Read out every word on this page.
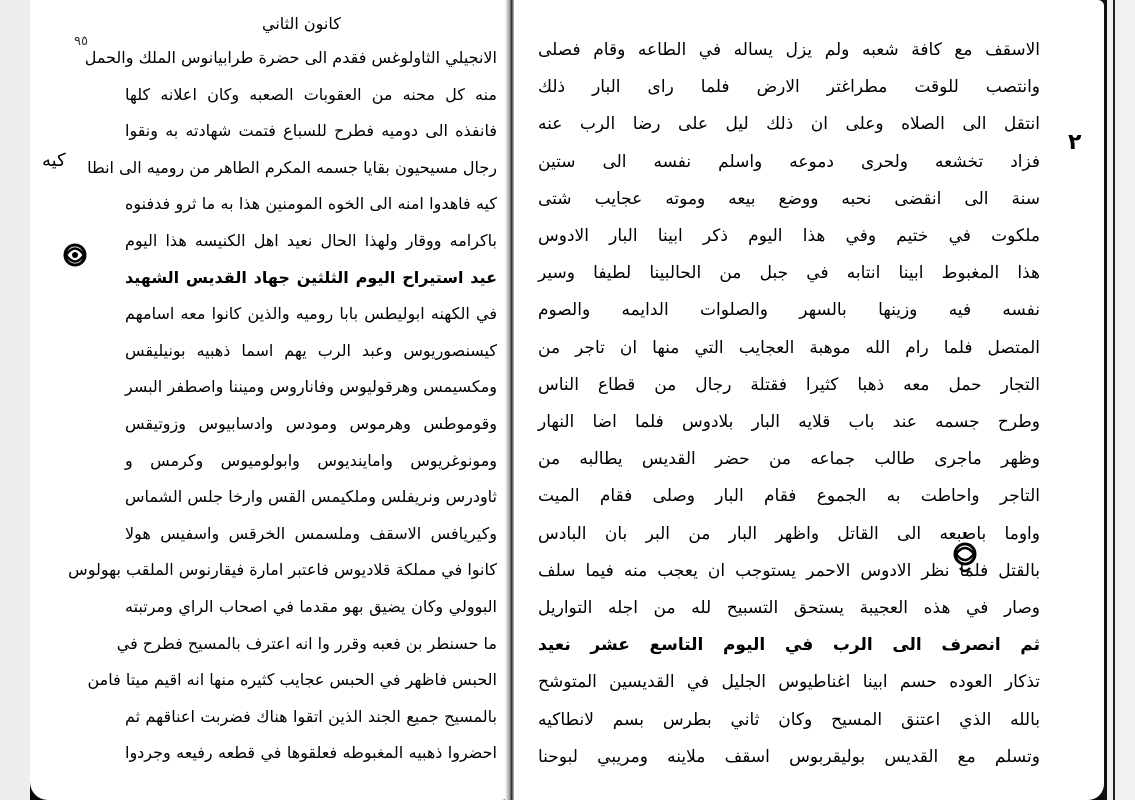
كانون الثاني
٩٥
كيه
٢
الانجيلي الثاولوغس فقدم الى حضرة طرابيانوس الملك والحمل
منه كل محنه من العقوبات الصعبه وكان اعلانه كلها
فانفذه الى دوميه فطرح للسباع فتمت شهادته به ونقوا
رجال مسيحيون بقايا جسمه المكرم الطاهر من روميه الى انطا
كيه فاهدوا امنه الى الخوه المومنين هذا به ما ثرو فدفنوه
باكرامه ووقار ولهذا الحال نعيد اهل الكنيسه هذا اليوم
عيد استيراح اليوم الثلثين جهاد القديس الشهيد
في الكهنه ابوليطس بابا روميه والذين كانوا معه اسامهم
كيسنصوريوس وعبد الرب يهم اسما ذهبيه بونيليقس
ومكسيمس وهرقوليوس وفاناروس وميننا واصطفر البسر
وقوموطس وهرموس ومودس وادسابيوس وزوتيقس
ومونوغريوس واماينديوس وابولوميوس وكرمس و
ثاودرس ونريفلس وملكيمس القس وارخا جلس الشماس
وكيريافس الاسقف وملسمس الخرقس واسفيس هولا
كانوا في مملكة قلاديوس فاعتبر امارة فيقارنوس الملقب بهولوس
البوولي وكان يضيق بهو مقدما في اصحاب الراي ومرتبته
ما حسنطر بن فعبه وقرر وا انه اعترف بالمسيح فطرح في
الحبس فاظهر في الحبس عجايب كثيره منها انه اقيم ميتا فامن
بالمسيح جميع الجند الذين اتقوا هناك فضربت اعناقهم ثم
احضروا ذهبيه المغبوطه فعلقوها في قطعه رفيعه وجردوا
الاسقف مع كافة شعبه ولم يزل يساله في الطاعه وقام فصلى
وانتصب للوقت مطراغتر الارض فلما راى البار ذلك
انتقل الى الصلاه وعلى ان ذلك ليل على رضا الرب عنه
فزاد تخشعه ولحرى دموعه واسلم نفسه الى ستين
سنة الى انقضى نحبه ووضع بيعه وموته عجايب شتى
ملكوت في ختيم وفي هذا اليوم ذكر ابينا البار الادوس
هذا المغبوط ابينا انتابه في جبل من الحالبينا لطيفا وسير
نفسه فيه وزينها بالسهر والصلوات الدايمه والصوم
المتصل فلما رام الله موهبة العجايب التي منها ان تاجر من
التجار حمل معه ذهبا كثيرا فقتلة رجال من قطاع الناس
وطرح جسمه عند باب قلايه البار بلادوس فلما اضا النهار
وظهر ماجرى طالب جماعه من حضر القديس يطالبه من
التاجر واحاطت به الجموع فقام البار وصلى فقام الميت
واوما باصبعه الى القاتل واظهر البار من البر بان البادس
بالقتل فلما نظر الادوس الاحمر يستوجب ان يعجب منه فيما سلف
وصار في هذه العجيبة يستحق التسبيح لله من اجله التواريل
ثم انصرف الى الرب في اليوم التاسع عشر نعيد
تذكار العوده حسم ابينا اغناطيوس الجليل في القديسين المتوشح
بالله الذي اعتنق المسيح وكان ثاني بطرس بسم لانطاكيه
وتسلم مع القديس بوليقربوس اسقف ملاينه ومريبي لبوحنا
